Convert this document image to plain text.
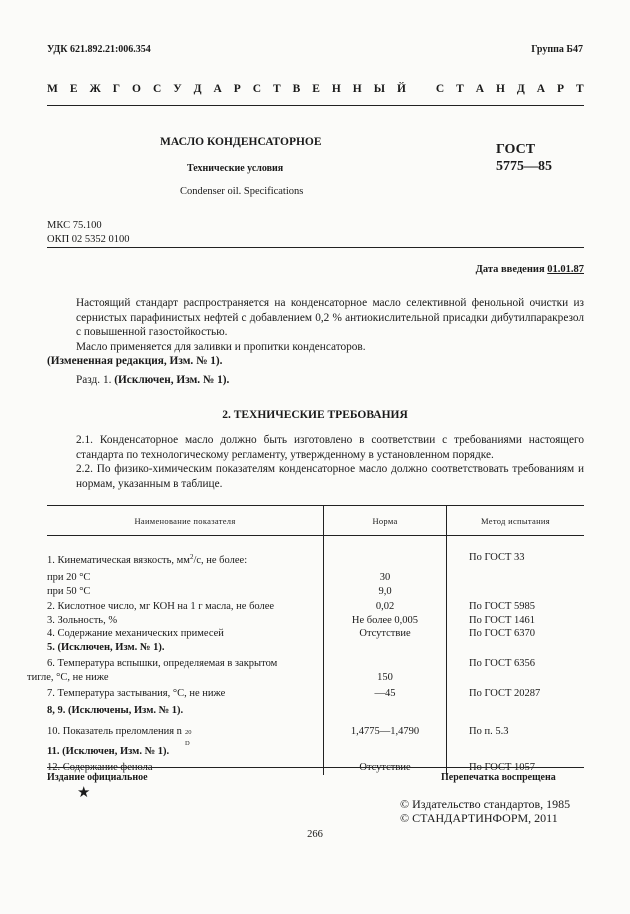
УДК 621.892.21:006.354	Группа Б47
М Е Ж Г О С У Д А Р С Т В Е Н Н Ы Й	С Т А Н Д А Р Т
МАСЛО КОНДЕНСАТОРНОЕ
Технические условия
Condenser oil. Specifications
ГОСТ
5775—85
МКС 75.100
ОКП 02 5352 0100
Дата введения 01.01.87
Настоящий стандарт распространяется на конденсаторное масло селективной фенольной очистки из сернистых парафинистых нефтей с добавлением 0,2 % антиокислительной присадки дибутилпаракрезол с повышенной газостойкостью.
Масло применяется для заливки и пропитки конденсаторов.
(Измененная редакция, Изм. № 1).
Разд. 1. (Исключен, Изм. № 1).
2. ТЕХНИЧЕСКИЕ ТРЕБОВАНИЯ
2.1. Конденсаторное масло должно быть изготовлено в соответствии с требованиями настоящего стандарта по технологическому регламенту, утвержденному в установленном порядке.
2.2. По физико-химическим показателям конденсаторное масло должно соответствовать требованиям и нормам, указанным в таблице.
Наименование показателя	Норма	Метод испытания

1. Кинематическая вязкость, $мм^2/с$, не более:		По ГОСТ 33

при 20 °С	30	
при 50 °С	9,0	

2. Кислотное число, мг КОН на 1 г масла, не более	0,02	По ГОСТ 5985
3. Зольность, %	Не более 0,005	По ГОСТ 1461
4. Содержание механических примесей	Отсутствие	По ГОСТ 6370
5. (Исключен, Изм. № 1).		

6. Температура вспышки, определяемая в закрытом тигле, °С, не ниже	150	По ГОСТ 6356

7. Температура застывания, °С, не ниже	—45	По ГОСТ 20287

8, 9. (Исключены, Изм. № 1).		

10. Показатель преломления n 20
D	1,4775—1,4790	По п. 5.3

11. (Исключен, Изм. № 1).		

12. Содержание фенола	Отсутствие	По ГОСТ 1057
Издание официальное	Перепечатка воспрещена
★
© Издательство стандартов, 1985
© СТАНДАРТИНФОРМ, 2011
266
